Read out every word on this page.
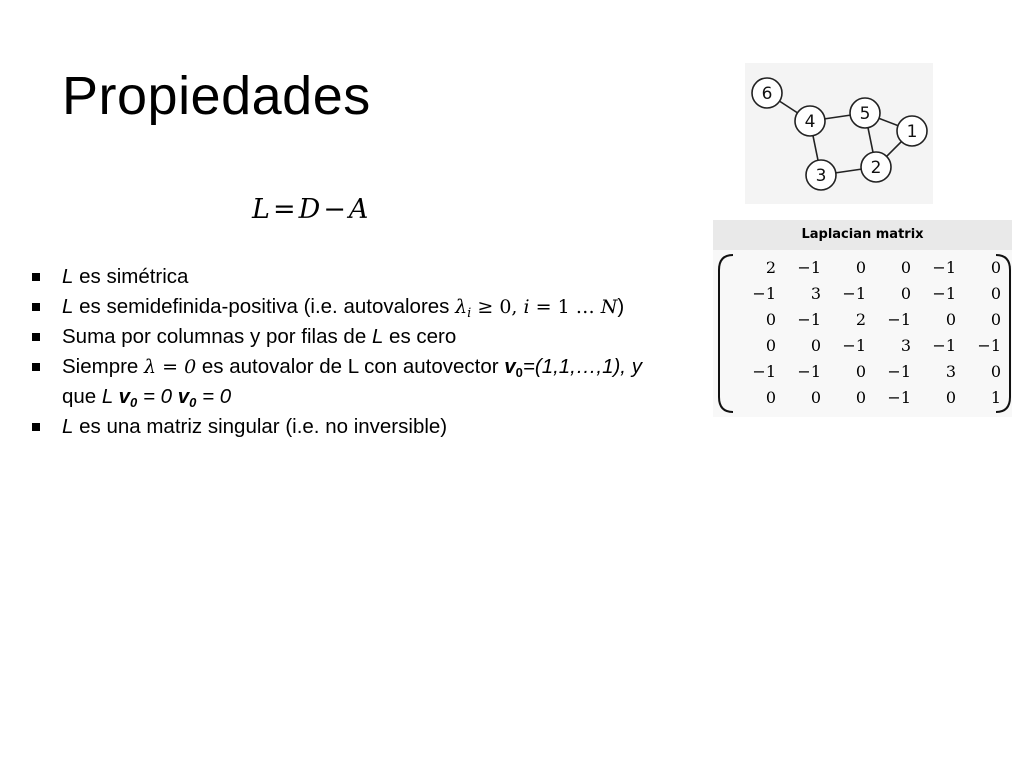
Propiedades
L = D − A
L es simétrica
L es semidefinida-positiva (i.e. autovalores $\lambda_i \ge 0$, i = 1 … N)
Suma por columnas y por filas de L es cero
Siempre λ = 0 es autovalor de L con autovector $v_0=(1,1,\dots,1)$, y
que L $v_0 = 0$ $v_0 = 0$
L es una matriz singular (i.e. no inversible)
6
4	5
1
3	2
Laplacian matrix
2	−1	0	0	−1	0
−1	3	−1	0	−1	0
0	−1	2	−1	0	0
0	0	−1	3	−1	−1
−1	−1	0	−1	3	0
0	0	0	−1	0	1
